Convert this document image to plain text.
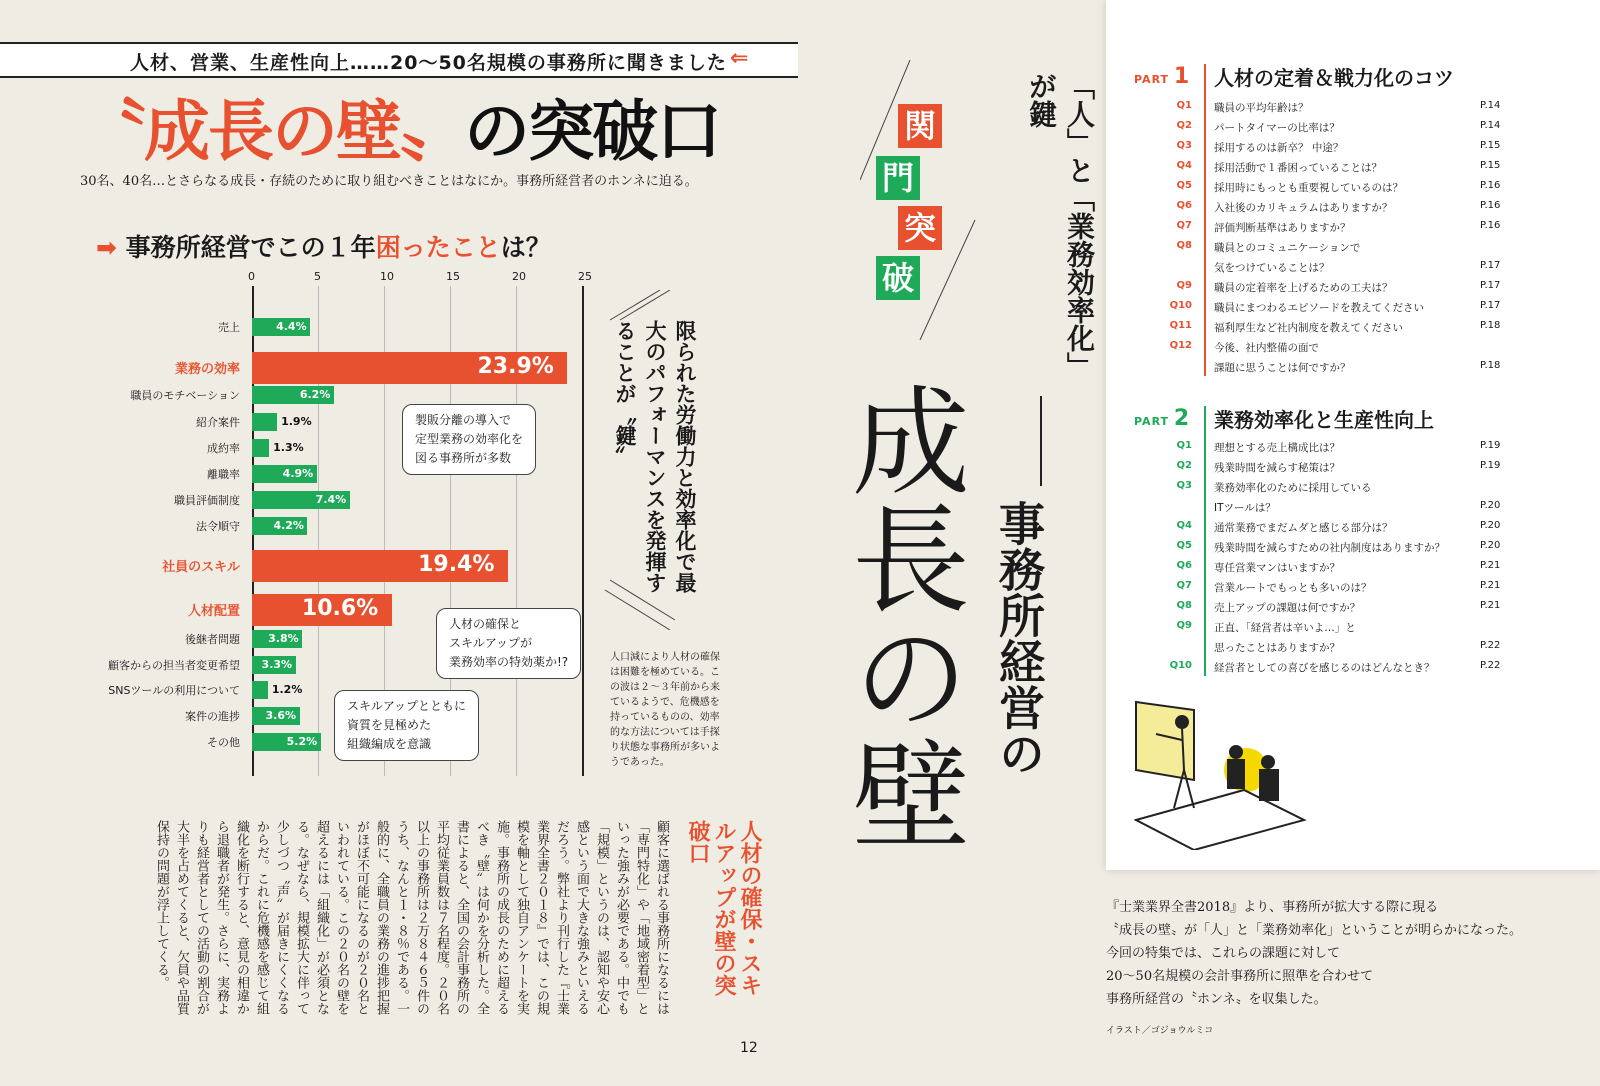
人材、営業、生産性向上……20～50名規模の事務所に聞きました ⇐
〝成長の壁〟の突破口
30名、40名…とさらなる成長・存続のために取り組むべきことはなにか。事務所経営者のホンネに迫る。
➡ 事務所経営でこの１年困ったことは？
0	5	10	15	20	25
売上	4.4%
業務の効率	23.9%
職員のモチベーション	6.2%
紹介案件	1.9%
成約率	1.3%
離職率	4.9%
職員評価制度	7.4%
法令順守	4.2%
社員のスキル	19.4%
人材配置	10.6%
後継者問題	3.8%
顧客からの担当者変更希望 3.3%
SNSツールの利用について	1.2%
案件の進捗 3.6%
その他	5.2%
製販分離の導入で
定型業務の効率化を
図る事務所が多数
人材の確保と
スキルアップが
業務効率の特効薬か!?
スキルアップとともに
資質を見極めた
組織編成を意識
限られた労働力と効率化で最大のパフォーマンスを発揮することが〝鍵〟
人口減により人材の確保は困難を極めている。この波は２～３年前から来ているようで、危機感を持っているものの、効率的な方法については手探り状態な事務所が多いようであった。
人材の確保・スキルアップが壁の突破口
顧客に選ばれる事務所になるには「専門特化」や「地域密着型」といった強みが必要である。中でも「規模」というのは、認知や安心感という面で大きな強みといえるだろう。弊社より刊行した『士業業界全書２０１８』では、この規模を軸として独自アンケートを実施。事務所の成長のために超えるべき〝壁〟は何かを分析した。全書によると、全国の会計事務所の平均従業員数は７名程度。２０名以上の事務所は２万８４６５件のうち、なんと１・８％である。一般的に、全職員の業務の進捗把握がほぼ不可能になるのが２０名といわれている。この２０名の壁を超えるには「組織化」が必須となる。なぜなら、規模拡大に伴って少しづつ〝声〟が届きにくくなるからだ。これに危機感を感じて組織化を断行すると、意見の相違から退職者が発生。さらに、実務よりも経営者としての活動の割合が大半を占めてくると、欠員や品質保持の問題が浮上してくる。
12
関
門
突
破	「人」と「業務効率化」が鍵
事務所経営の
成長の壁
『士業業界全書2018』より、事務所が拡大する際に現る
〝成長の壁〟が「人」と「業務効率化」ということが明らかになった。
今回の特集では、これらの課題に対して
20～50名規模の会計事務所に照準を合わせて
事務所経営の〝ホンネ〟を収集した。
イラスト／ゴジョウルミコ
PART 1 人材の定着＆戦力化のコツ
Q1 職員の平均年齢は？	P.14
Q2 パートタイマーの比率は？	P.14
Q3 採用するのは新卒？ 中途？	P.15
Q4 採用活動で１番困っていることは？	P.15
Q5 採用時にもっとも重要視しているのは？	P.16
Q6 入社後のカリキュラムはありますか？	P.16
Q7 評価判断基準はありますか？	P.16
Q8 職員とのコミュニケーションで
気をつけていることは？	P.17
Q9 職員の定着率を上げるための工夫は？	P.17
Q10 職員にまつわるエピソードを教えてください	P.17
Q11 福利厚生など社内制度を教えてください	P.18
Q12 今後、社内整備の面で
課題に思うことは何ですか？	P.18
PART 2 業務効率化と生産性向上
Q1 理想とする売上構成比は？	P.19
Q2 残業時間を減らす秘策は？	P.19
Q3 業務効率化のために採用している
ITツールは？	P.20
Q4 通常業務でまだムダと感じる部分は？	P.20
Q5 残業時間を減らすための社内制度はありますか？	P.20
Q6 専任営業マンはいますか？	P.21
Q7 営業ルートでもっとも多いのは？	P.21
Q8 売上アップの課題は何ですか？	P.21
Q9 正直、「経営者は辛いよ…」と
思ったことはありますか？	P.22
Q10 経営者としての喜びを感じるのはどんなとき？	P.22
